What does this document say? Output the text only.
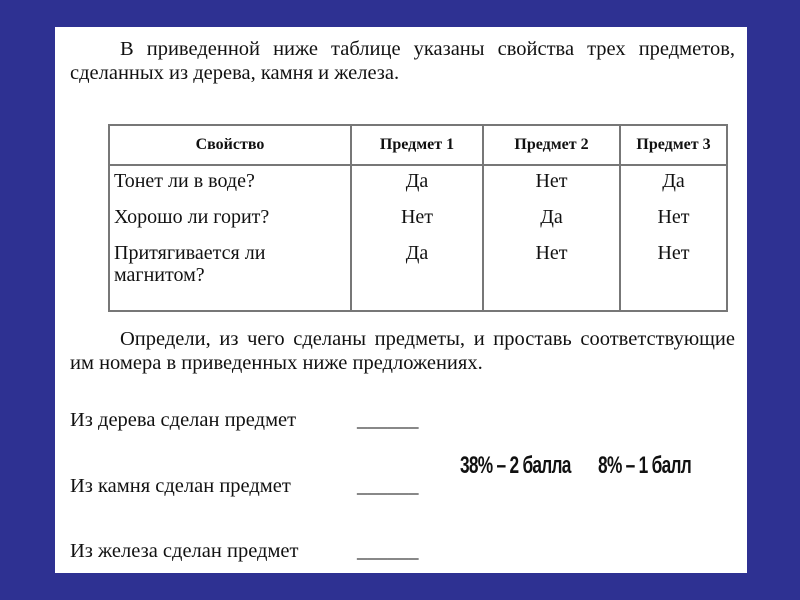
В приведенной ниже таблице указаны свойства трех предметов, сделанных из дерева, камня и железа.

Свойство	Предмет 1	Предмет 2	Предмет 3
Тонет ли в воде?	Да	Нет	Да
Хорошо ли горит?	Нет	Да	Нет
Притягивается ли магнитом?	Да	Нет	Нет

Определи, из чего сделаны предметы, и проставь соответствующие им номера в приведенных ниже предложениях.

Из дерева сделан предмет	______
Из камня сделан предмет	______
Из железа сделан предмет	______
38% – 2 балла 8% – 1 балл
